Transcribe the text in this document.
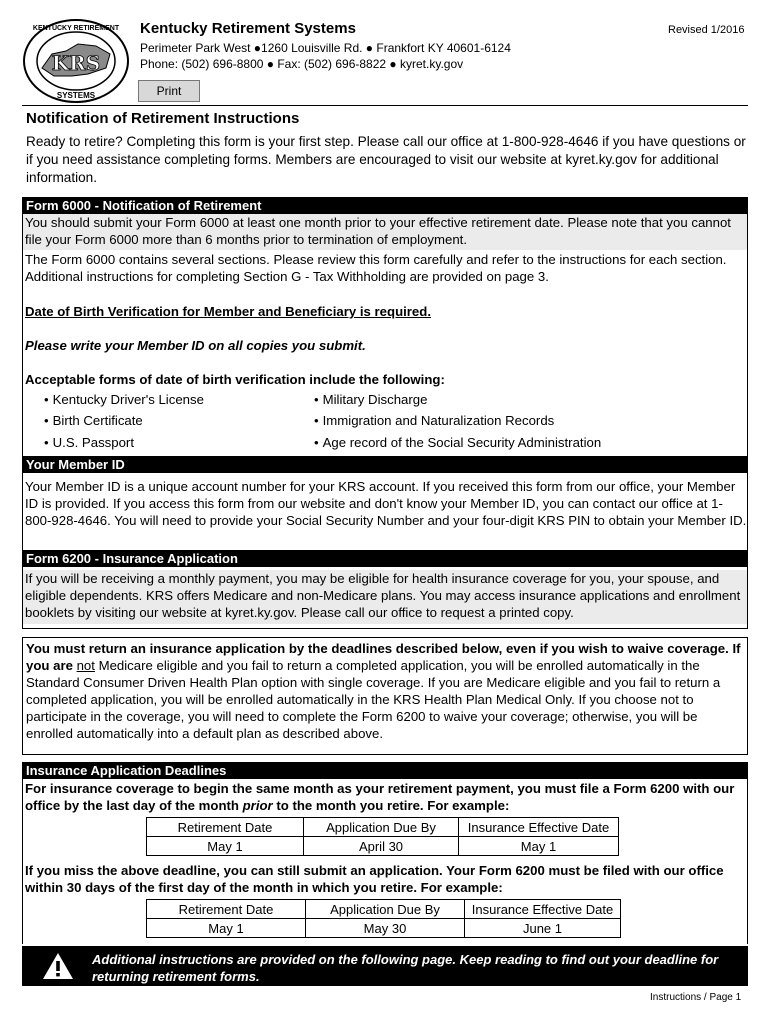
KRS
KENTUCKY RETIREMENT
SYSTEMS
Kentucky Retirement Systems	Revised 1/2016
Perimeter Park West ●1260 Louisville Rd. ● Frankfort KY 40601-6124
Phone: (502) 696-8800 ● Fax: (502) 696-8822 ● kyret.ky.gov
Print
Notification of Retirement Instructions
Ready to retire? Completing this form is your first step. Please call our office at 1-800-928-4646 if you have questions or if you need assistance completing forms. Members are encouraged to visit our website at kyret.ky.gov for additional information.
Form 6000 - Notification of Retirement
You should submit your Form 6000 at least one month prior to your effective retirement date. Please note that you cannot file your Form 6000 more than 6 months prior to termination of employment.
The Form 6000 contains several sections. Please review this form carefully and refer to the instructions for each section. Additional instructions for completing Section G - Tax Withholding are provided on page 3.
Date of Birth Verification for Member and Beneficiary is required.
Please write your Member ID on all copies you submit.
Acceptable forms of date of birth verification include the following:
• Kentucky Driver's License
• Birth Certificate
• U.S. Passport
• Military Discharge
• Immigration and Naturalization Records
• Age record of the Social Security Administration
Your Member ID
Your Member ID is a unique account number for your KRS account. If you received this form from our office, your Member ID is provided. If you access this form from our website and don't know your Member ID, you can contact our office at 1-800-928-4646. You will need to provide your Social Security Number and your four-digit KRS PIN to obtain your Member ID.
Form 6200 - Insurance Application
If you will be receiving a monthly payment, you may be eligible for health insurance coverage for you, your spouse, and eligible dependents. KRS offers Medicare and non-Medicare plans. You may access insurance applications and enrollment booklets by visiting our website at kyret.ky.gov. Please call our office to request a printed copy.
You must return an insurance application by the deadlines described below, even if you wish to waive coverage. If you are not Medicare eligible and you fail to return a completed application, you will be enrolled automatically in the Standard Consumer Driven Health Plan option with single coverage. If you are Medicare eligible and you fail to return a completed application, you will be enrolled automatically in the KRS Health Plan Medical Only. If you choose not to participate in the coverage, you will need to complete the Form 6200 to waive your coverage; otherwise, you will be enrolled automatically into a default plan as described above.
Insurance Application Deadlines
For insurance coverage to begin the same month as your retirement payment, you must file a Form 6200 with our office by the last day of the month prior to the month you retire. For example:
Retirement Date	Application Due By	Insurance Effective Date
May 1	April 30	May 1
If you miss the above deadline, you can still submit an application. Your Form 6200 must be filed with our office within 30 days of the first day of the month in which you retire. For example:
Retirement Date	Application Due By	Insurance Effective Date
May 1	May 30	June 1
Additional instructions are provided on the following page. Keep reading to find out your deadline for returning retirement forms.
Instructions / Page 1
